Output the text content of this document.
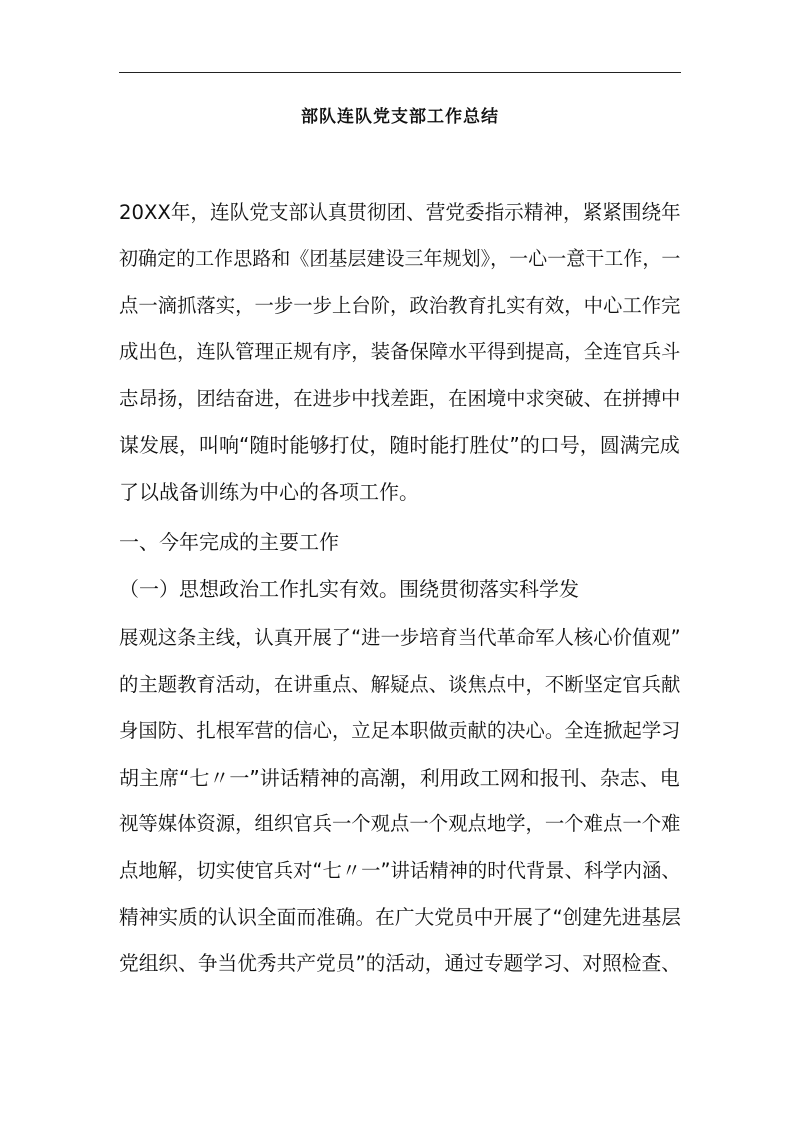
部队连队党支部工作总结
20XX年，连队党支部认真贯彻团、营党委指示精神，紧紧围绕年
初确定的工作思路和《团基层建设三年规划》，一心一意干工作，一
点一滴抓落实，一步一步上台阶，政治教育扎实有效，中心工作完
成出色，连队管理正规有序，装备保障水平得到提高，全连官兵斗
志昂扬，团结奋进，在进步中找差距，在困境中求突破、在拼搏中
谋发展，叫响“随时能够打仗，随时能打胜仗”的口号，圆满完成
了以战备训练为中心的各项工作。
一、今年完成的主要工作
（一）思想政治工作扎实有效。围绕贯彻落实科学发
展观这条主线，认真开展了“进一步培育当代革命军人核心价值观”
的主题教育活动，在讲重点、解疑点、谈焦点中，不断坚定官兵献
身国防、扎根军营的信心，立足本职做贡献的决心。全连掀起学习
胡主席“七〃一”讲话精神的高潮，利用政工网和报刊、杂志、电
视等媒体资源，组织官兵一个观点一个观点地学，一个难点一个难
点地解，切实使官兵对“七〃一”讲话精神的时代背景、科学内涵、
精神实质的认识全面而准确。在广大党员中开展了“创建先进基层
党组织、争当优秀共产党员”的活动，通过专题学习、对照检查、
